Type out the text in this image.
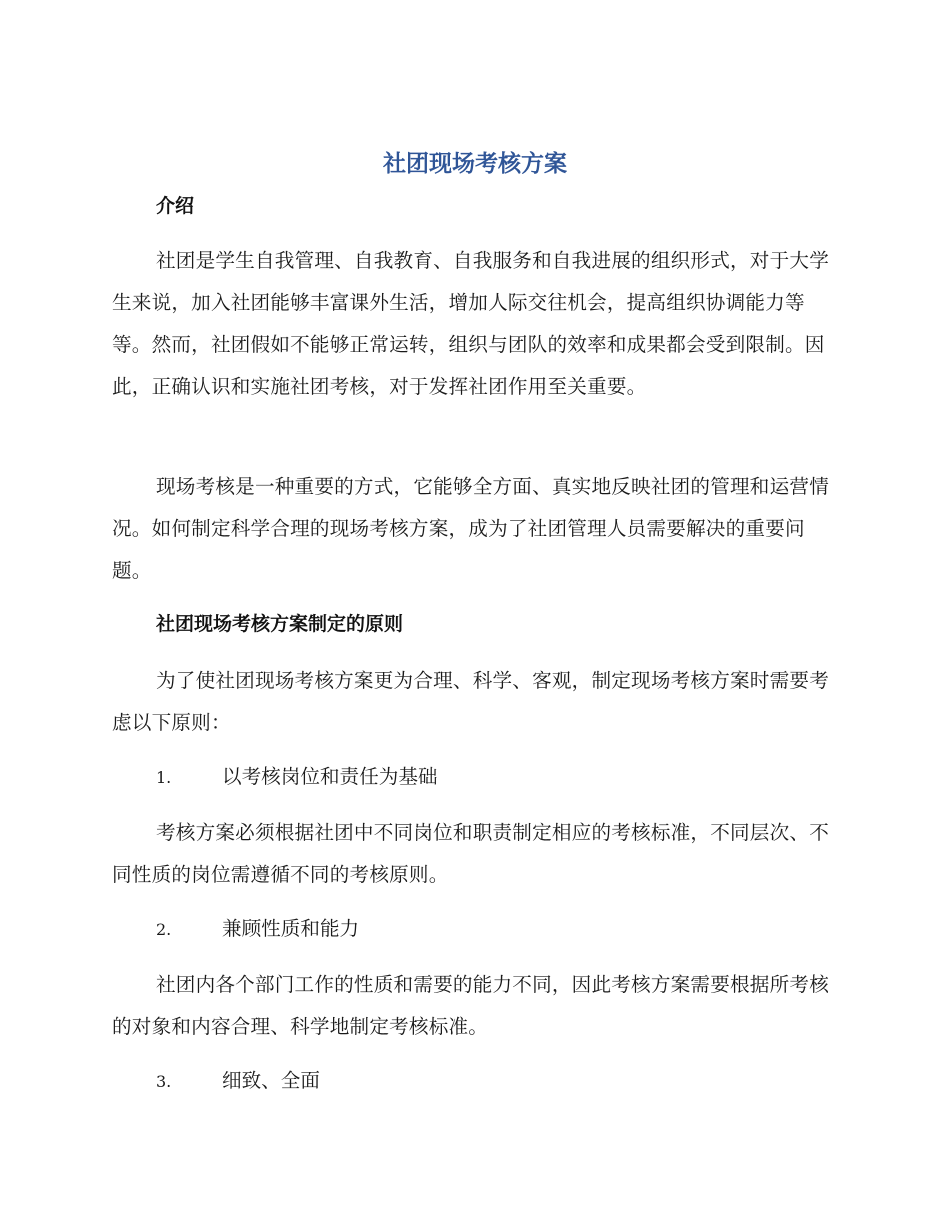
社团现场考核方案
介绍

社团是学生自我管理、自我教育、自我服务和自我进展的组织形式，对于大学生来说，加入社团能够丰富课外生活，增加人际交往机会，提高组织协调能力等等。然而，社团假如不能够正常运转，组织与团队的效率和成果都会受到限制。因此，正确认识和实施社团考核，对于发挥社团作用至关重要。

现场考核是一种重要的方式，它能够全方面、真实地反映社团的管理和运营情况。如何制定科学合理的现场考核方案，成为了社团管理人员需要解决的重要问题。

社团现场考核方案制定的原则

为了使社团现场考核方案更为合理、科学、客观，制定现场考核方案时需要考虑以下原则：

1.	以考核岗位和责任为基础

考核方案必须根据社团中不同岗位和职责制定相应的考核标准，不同层次、不同性质的岗位需遵循不同的考核原则。

2.	兼顾性质和能力

社团内各个部门工作的性质和需要的能力不同，因此考核方案需要根据所考核的对象和内容合理、科学地制定考核标准。

3.	细致、全面
